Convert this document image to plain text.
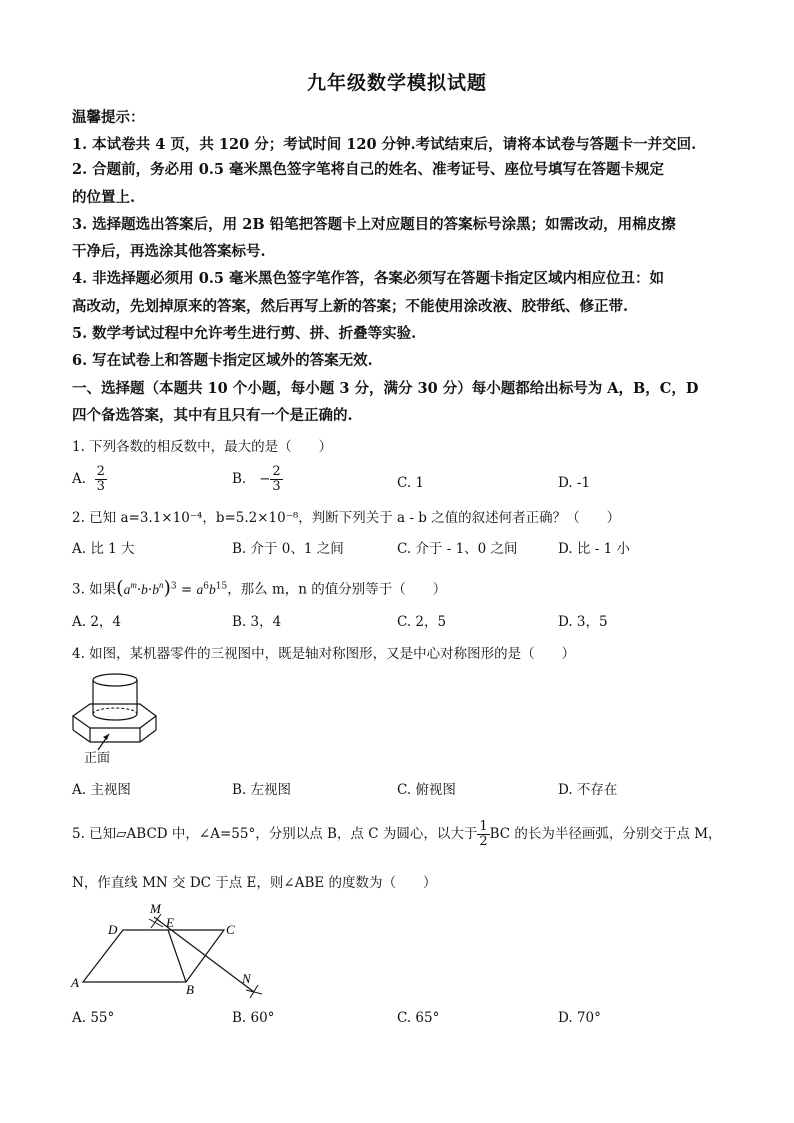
九年级数学模拟试题
温馨提示：
1. 本试卷共 4 页，共 120 分；考试时间 120 分钟.考试结束后，请将本试卷与答题卡一并交回.
2. 合题前，务必用 0.5 毫米黑色签字笔将自己的姓名、准考证号、座位号填写在答题卡规定
的位置上.
3. 选择题选出答案后，用 2B 铅笔把答题卡上对应题目的答案标号涂黑；如需改动，用棉皮擦
干净后，再选涂其他答案标号.
4. 非选择题必须用 0.5 毫米黑色签字笔作答，各案必须写在答题卡指定区域内相应位丑：如
高改动，先划掉原来的答案，然后再写上新的答案；不能使用涂改液、胶带纸、修正带.
5. 数学考试过程中允许考生进行剪、拼、折叠等实验.
6. 写在试卷上和答题卡指定区域外的答案无效.
一、选择题（本题共 10 个小题，每小题 3 分，满分 30 分）每小题都给出标号为 A，B，C，D
四个备选答案，其中有且只有一个是正确的.
1. 下列各数的相反数中，最大的是（　　）
A. $\frac{2}{3}$	B. − $\frac{2}{3}$	C. 1	D. -1
2. 已知 a=3.1×10⁻⁴，b=5.2×10⁻⁸，判断下列关于 a - b 之值的叙述何者正确？（　　）
A. 比 1 大	B. 介于 0、1 之间	C. 介于 - 1、0 之间	D. 比 - 1 小
3. 如果$(a^m\cdot b\cdot b^n)^3 = a^6b^{15}$，那么 m，n 的值分别等于（　　）
A. 2，4	B. 3，4	C. 2，5	D. 3，5
4. 如图，某机器零件的三视图中，既是轴对称图形，又是中心对称图形的是（　　）
正面
A. 主视图	B. 左视图	C. 俯视图	D. 不存在
5. 已知▱ABCD 中，∠A=55°，分别以点 B，点 C 为圆心，以大于 $\frac{1}{2}$ BC 的长为半径画弧，分别交于点 M，
N，作直线 MN 交 DC 于点 E，则∠ABE 的度数为（　　）
M
E
D	C
A	B
N
A. 55°	B. 60°	C. 65°	D. 70°
